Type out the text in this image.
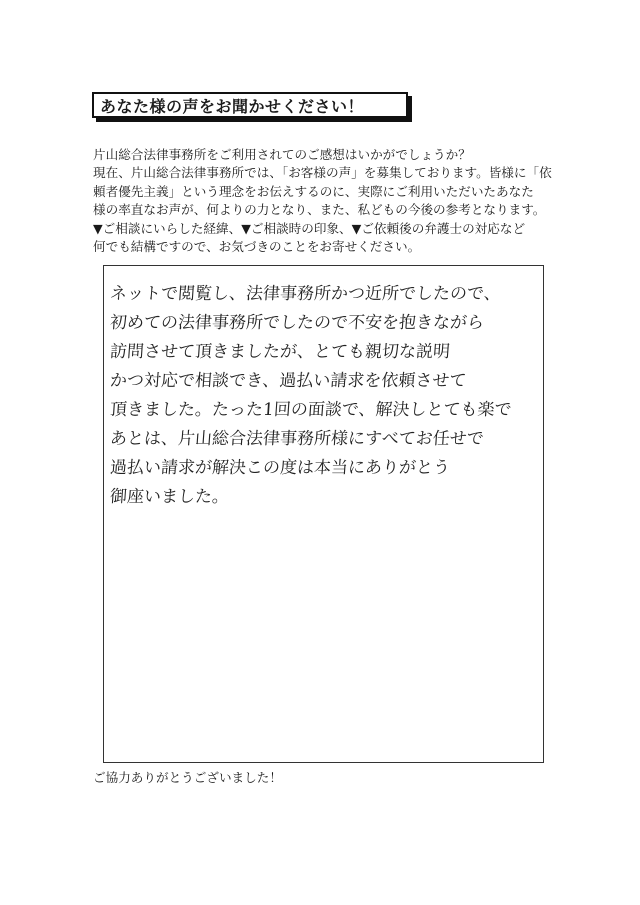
あなた様の声をお聞かせください！
片山総合法律事務所をご利用されてのご感想はいかがでしょうか？
現在、片山総合法律事務所では、「お客様の声」を募集しております。皆様に「依
頼者優先主義」という理念をお伝えするのに、実際にご利用いただいたあなた
様の率直なお声が、何よりの力となり、また、私どもの今後の参考となります。
▼ご相談にいらした経緯、▼ご相談時の印象、▼ご依頼後の弁護士の対応など
何でも結構ですので、お気づきのことをお寄せください。
ネットで閲覧し、法律事務所かつ近所でしたので、
初めての法律事務所でしたので不安を抱きながら
訪問させて頂きましたが、とても親切な説明
かつ対応で相談でき、過払い請求を依頼させて
頂きました。たった1回の面談で、解決しとても楽で
あとは、片山総合法律事務所様にすべてお任せで
過払い請求が解決この度は本当にありがとう
御座いました。
ご協力ありがとうございました！
